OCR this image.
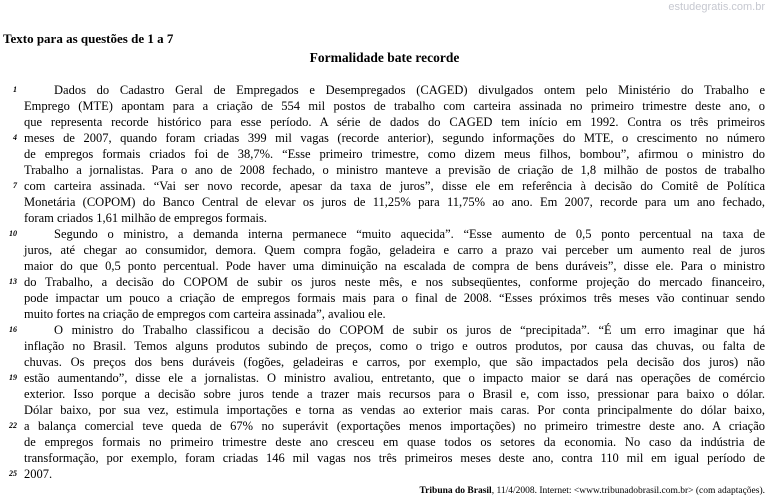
estudegratis.com.br
Texto para as questões de 1 a 7
Formalidade bate recorde
1	Dados do Cadastro Geral de Empregados e Desempregados (CAGED) divulgados ontem pelo Ministério do Trabalho e
Emprego (MTE) apontam para a criação de 554 mil postos de trabalho com carteira assinada no primeiro trimestre deste ano, o
que representa recorde histórico para esse período. A série de dados do CAGED tem início em 1992. Contra os três primeiros
4 meses de 2007, quando foram criadas 399 mil vagas (recorde anterior), segundo informações do MTE, o crescimento no número
de empregos formais criados foi de 38,7%. “Esse primeiro trimestre, como dizem meus filhos, bombou”, afirmou o ministro do
Trabalho a jornalistas. Para o ano de 2008 fechado, o ministro manteve a previsão de criação de 1,8 milhão de postos de trabalho
7 com carteira assinada. “Vai ser novo recorde, apesar da taxa de juros”, disse ele em referência à decisão do Comitê de Política
Monetária (COPOM) do Banco Central de elevar os juros de 11,25% para 11,75% ao ano. Em 2007, recorde para um ano fechado,
foram criados 1,61 milhão de empregos formais.
10	Segundo o ministro, a demanda interna permanece “muito aquecida”. “Esse aumento de 0,5 ponto percentual na taxa de
juros, até chegar ao consumidor, demora. Quem compra fogão, geladeira e carro a prazo vai perceber um aumento real de juros
maior do que 0,5 ponto percentual. Pode haver uma diminuição na escalada de compra de bens duráveis”, disse ele. Para o ministro
13 do Trabalho, a decisão do COPOM de subir os juros neste mês, e nos subseqüentes, conforme projeção do mercado financeiro,
pode impactar um pouco a criação de empregos formais mais para o final de 2008. “Esses próximos três meses vão continuar sendo
muito fortes na criação de empregos com carteira assinada”, avaliou ele.
16	O ministro do Trabalho classificou a decisão do COPOM de subir os juros de “precipitada”. “É um erro imaginar que há
inflação no Brasil. Temos alguns produtos subindo de preços, como o trigo e outros produtos, por causa das chuvas, ou falta de
chuvas. Os preços dos bens duráveis (fogões, geladeiras e carros, por exemplo, que são impactados pela decisão dos juros) não
19 estão aumentando”, disse ele a jornalistas. O ministro avaliou, entretanto, que o impacto maior se dará nas operações de comércio
exterior. Isso porque a decisão sobre juros tende a trazer mais recursos para o Brasil e, com isso, pressionar para baixo o dólar.
Dólar baixo, por sua vez, estimula importações e torna as vendas ao exterior mais caras. Por conta principalmente do dólar baixo,
22 a balança comercial teve queda de 67% no superávit (exportações menos importações) no primeiro trimestre deste ano. A criação
de empregos formais no primeiro trimestre deste ano cresceu em quase todos os setores da economia. No caso da indústria de
transformação, por exemplo, foram criadas 146 mil vagas nos três primeiros meses deste ano, contra 110 mil em igual período de
25 2007.
Tribuna do Brasil, 11/4/2008. Internet: <www.tribunadobrasil.com.br> (com adaptações).
